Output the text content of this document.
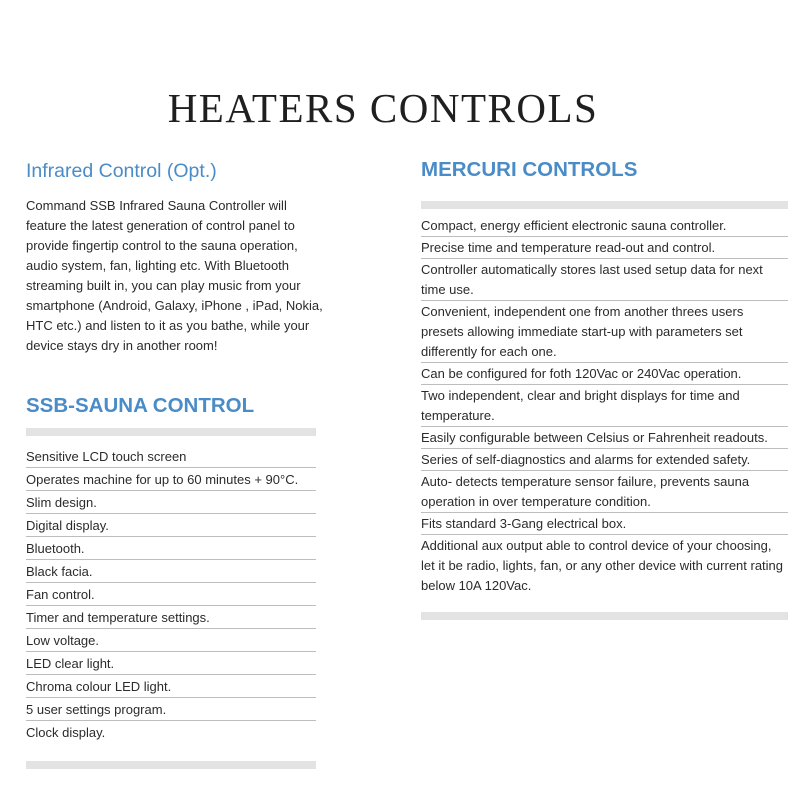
HEATERS CONTROLS
Infrared Control (Opt.)
Command SSB Infrared Sauna Controller will feature the latest generation of control panel to provide fingertip control to the sauna operation, audio system, fan, lighting etc. With Bluetooth streaming built in, you can play music from your smartphone (Android, Galaxy, iPhone , iPad, Nokia, HTC etc.) and listen to it as you bathe, while your device stays dry in another room!
SSB-SAUNA CONTROL
Sensitive LCD touch screen
Operates machine for up to 60 minutes + 90°C.
Slim design.
Digital display.
Bluetooth.
Black facia.
Fan control.
Timer and temperature settings.
Low voltage.
LED clear light.
Chroma colour LED light.
5 user settings program.
Clock display.
MERCURI CONTROLS
Compact, energy efficient electronic sauna controller.
Precise time and temperature read-out and control.
Controller automatically stores last used setup data for next time use.
Convenient, independent one from another threes users presets allowing immediate start-up with parameters set differently for each one.
Can be configured for foth 120Vac or 240Vac operation.
Two independent, clear and bright displays for time and temperature.
Easily configurable between Celsius or Fahrenheit readouts.
Series of self-diagnostics and alarms for extended safety.
Auto- detects temperature sensor failure, prevents sauna operation in over temperature condition.
Fits standard 3-Gang electrical box.
Additional aux output able to control device of your choosing, let it be radio, lights, fan, or any other device with current rating below 10A 120Vac.
